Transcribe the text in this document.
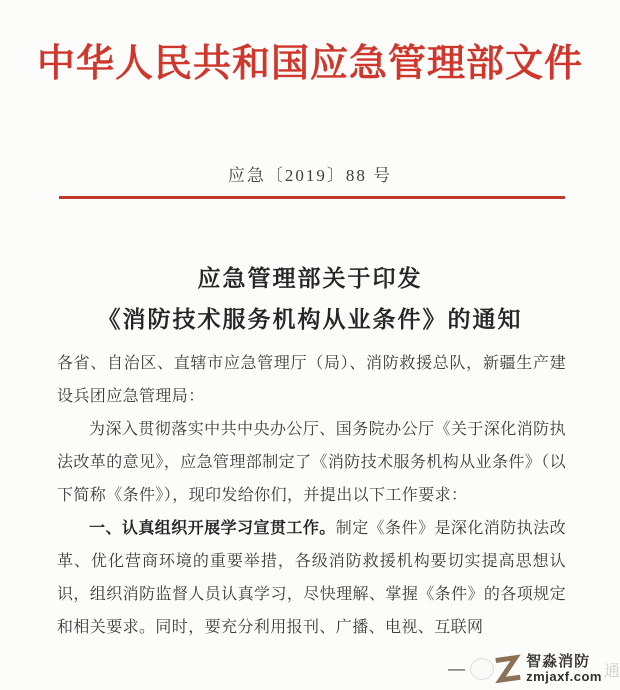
中华人民共和国应急管理部文件
应急〔2019〕88 号
应急管理部关于印发
《消防技术服务机构从业条件》的通知

各省、自治区、直辖市应急管理厅（局）、消防救援总队，新疆生产建设兵团应急管理局：

为深入贯彻落实中共中央办公厅、国务院办公厅《关于深化消防执法改革的意见》，应急管理部制定了《消防技术服务机构从业条件》（以下简称《条件》），现印发给你们，并提出以下工作要求：

一、认真组织开展学习宣贯工作。制定《条件》是深化消防执法改革、优化营商环境的重要举措，各级消防救援机构要切实提高思想认识，组织消防监督人员认真学习，尽快理解、掌握《条件》的各项规定和相关要求。同时，要充分利用报刊、广播、电视、互联网

—	智淼消防
zmjaxf.com 通
